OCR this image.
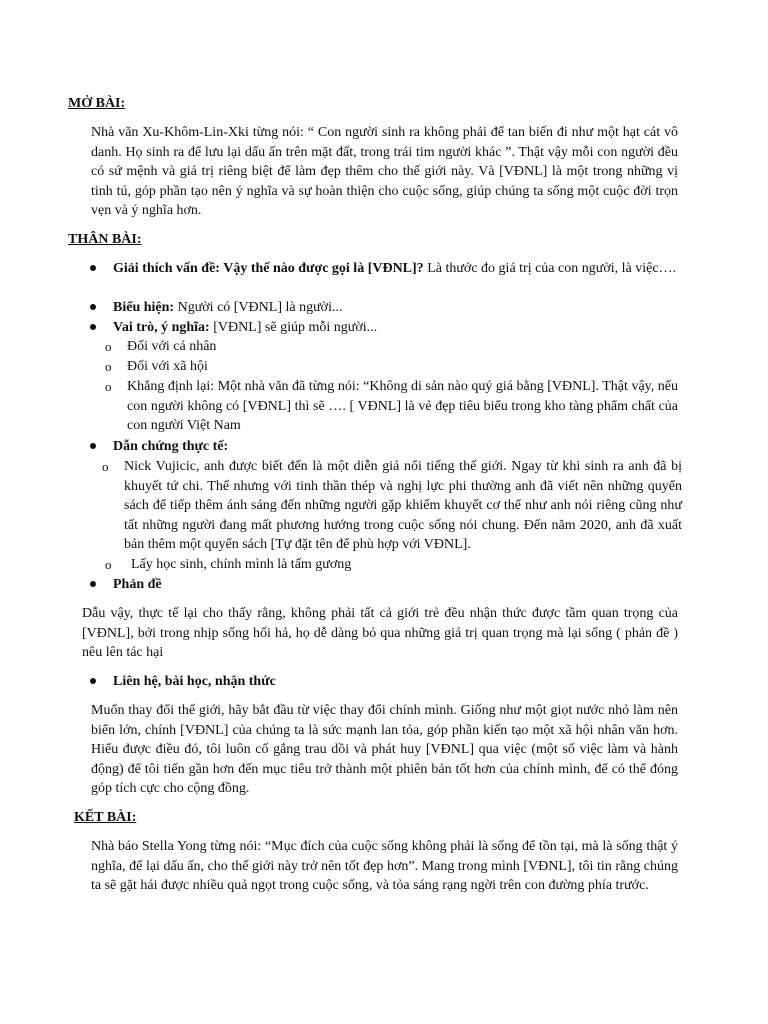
MỞ BÀI:

Nhà văn Xu-Khôm-Lin-Xki từng nói: “ Con người sinh ra không phải để tan biến đi như một hạt cát vô danh. Họ sinh ra để lưu lại dấu ấn trên mặt đất, trong trái tim người khác ”. Thật vậy mỗi con người đều có sứ mệnh và giá trị riêng biệt để làm đẹp thêm cho thế giới này. Và [VĐNL] là một trong những vị tinh tú, góp phần tạo nên ý nghĩa và sự hoàn thiện cho cuộc sống, giúp chúng ta sống một cuộc đời trọn vẹn và ý nghĩa hơn.

THÂN BÀI:
Giải thích vấn đề: Vậy thế nào được gọi là [VĐNL]? Là thước đo giá trị của con người, là việc….
Biểu hiện: Người có [VĐNL] là người...
Vai trò, ý nghĩa: [VĐNL] sẽ giúp mỗi người...
o Đối với cá nhân
o Đối với xã hội
o Khẳng định lại: Một nhà văn đã từng nói: “Không di sản nào quý giá bằng [VĐNL]. Thật vậy, nếu con người không có [VĐNL] thì sẽ …. [ VĐNL] là vẻ đẹp tiêu biểu trong kho tàng phẩm chất của con người Việt Nam
Dẫn chứng thực tế:
o Nick Vujicic, anh được biết đến là một diễn giả nổi tiếng thế giới. Ngay từ khi sinh ra anh đã bị khuyết tứ chi. Thế nhưng với tinh thần thép và nghị lực phi thường anh đã viết nên những quyển sách để tiếp thêm ánh sáng đến những người gặp khiếm khuyết cơ thể như anh nói riêng cũng như tất những người đang mất phương hướng trong cuộc sống nói chung. Đến năm 2020, anh đã xuất bản thêm một quyển sách [Tự đặt tên để phù hợp với VĐNL].
o Lấy học sinh, chính mình là tấm gương
Phản đề

Dẫu vậy, thực tế lại cho thấy rằng, không phải tất cả giới trẻ đều nhận thức được tầm quan trọng của [VĐNL], bởi trong nhịp sống hối hả, họ dễ dàng bỏ qua những giá trị quan trọng mà lại sống ( phản đề ) nêu lên tác hại

Liên hệ, bài học, nhận thức

Muốn thay đổi thế giới, hãy bắt đầu từ việc thay đổi chính mình. Giống như một giọt nước nhỏ làm nên biển lớn, chính [VĐNL] của chúng ta là sức mạnh lan tỏa, góp phần kiến tạo một xã hội nhân văn hơn. Hiểu được điều đó, tôi luôn cố gắng trau dồi và phát huy [VĐNL] qua việc (một số việc làm và hành động) để tôi tiến gần hơn đến mục tiêu trở thành một phiên bản tốt hơn của chính mình, để có thể đóng góp tích cực cho cộng đồng.

KẾT BÀI:

Nhà báo Stella Yong từng nói: “Mục đích của cuộc sống không phải là sống để tồn tại, mà là sống thật ý nghĩa, để lại dấu ấn, cho thế giới này trở nên tốt đẹp hơn”. Mang trong mình [VĐNL], tôi tin rằng chúng ta sẽ gặt hái được nhiều quả ngọt trong cuộc sống, và tỏa sáng rạng ngời trên con đường phía trước.
